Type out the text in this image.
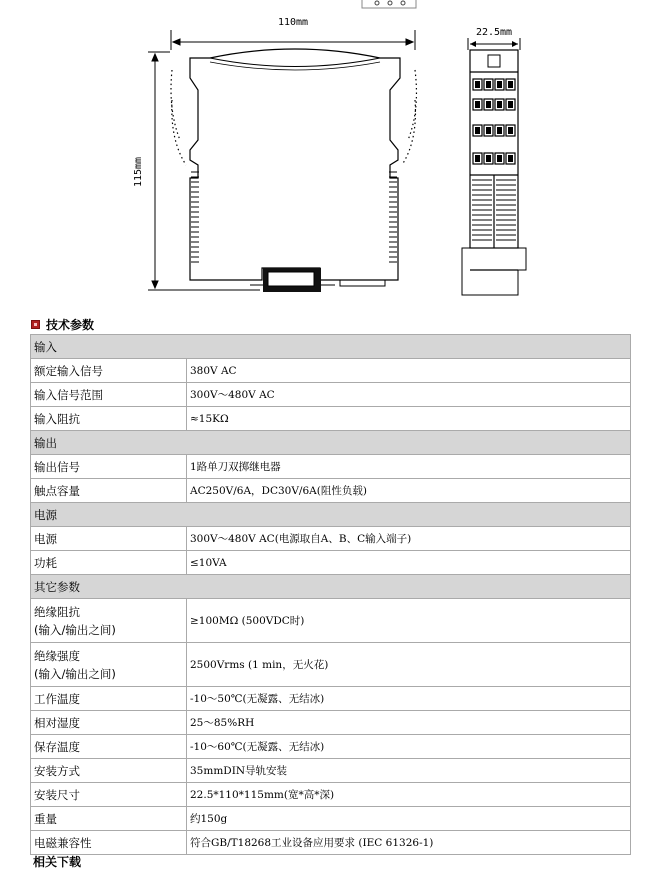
110mm
115mm
22.5mm
技术参数
输入	

额定输入信号	380V AC

输入信号范围	300V～480V AC

输入阻抗	≈15KΩ
输出	

输出信号	1路单刀双掷继电器

触点容量	AC250V/6A，DC30V/6A(阻性负载)
电源	

电源	300V～480V AC(电源取自A、B、C输入端子)

功耗	≤10VA
其它参数	

绝缘阻抗
(输入/输出之间)	≥100MΩ (500VDC时)

绝缘强度
(输入/输出之间)	2500Vrms (1 min，无火花)

工作温度	-10～50℃(无凝露、无结冰)

相对湿度	25～85%RH

保存温度	-10～60℃(无凝露、无结冰)

安装方式	35mmDIN导轨安装

安装尺寸	22.5*110*115mm(宽*高*深)

重量	约150g

电磁兼容性	符合GB/T18268工业设备应用要求 (IEC 61326-1)
相关下载
